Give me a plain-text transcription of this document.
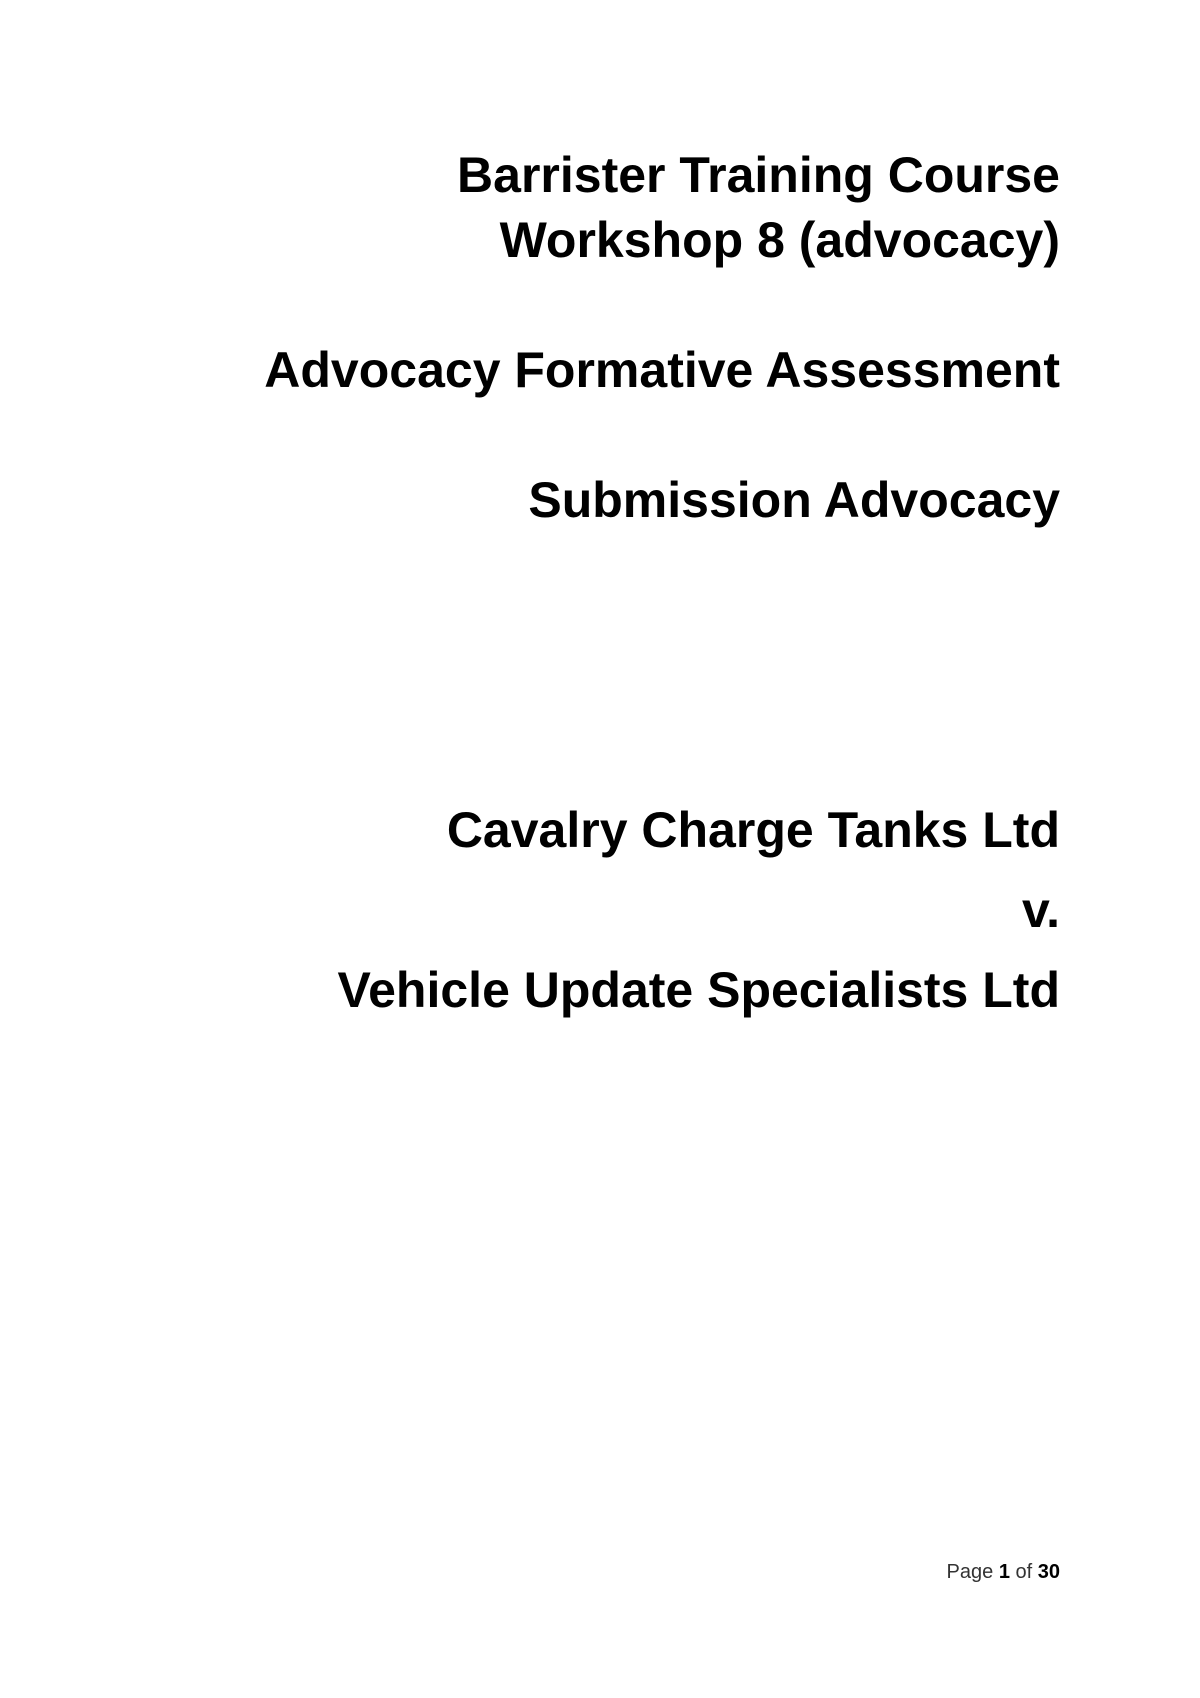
Barrister Training Course
Workshop 8 (advocacy)
Advocacy Formative Assessment
Submission Advocacy
Cavalry Charge Tanks Ltd
v.
Vehicle Update Specialists Ltd
Page 1 of 30
